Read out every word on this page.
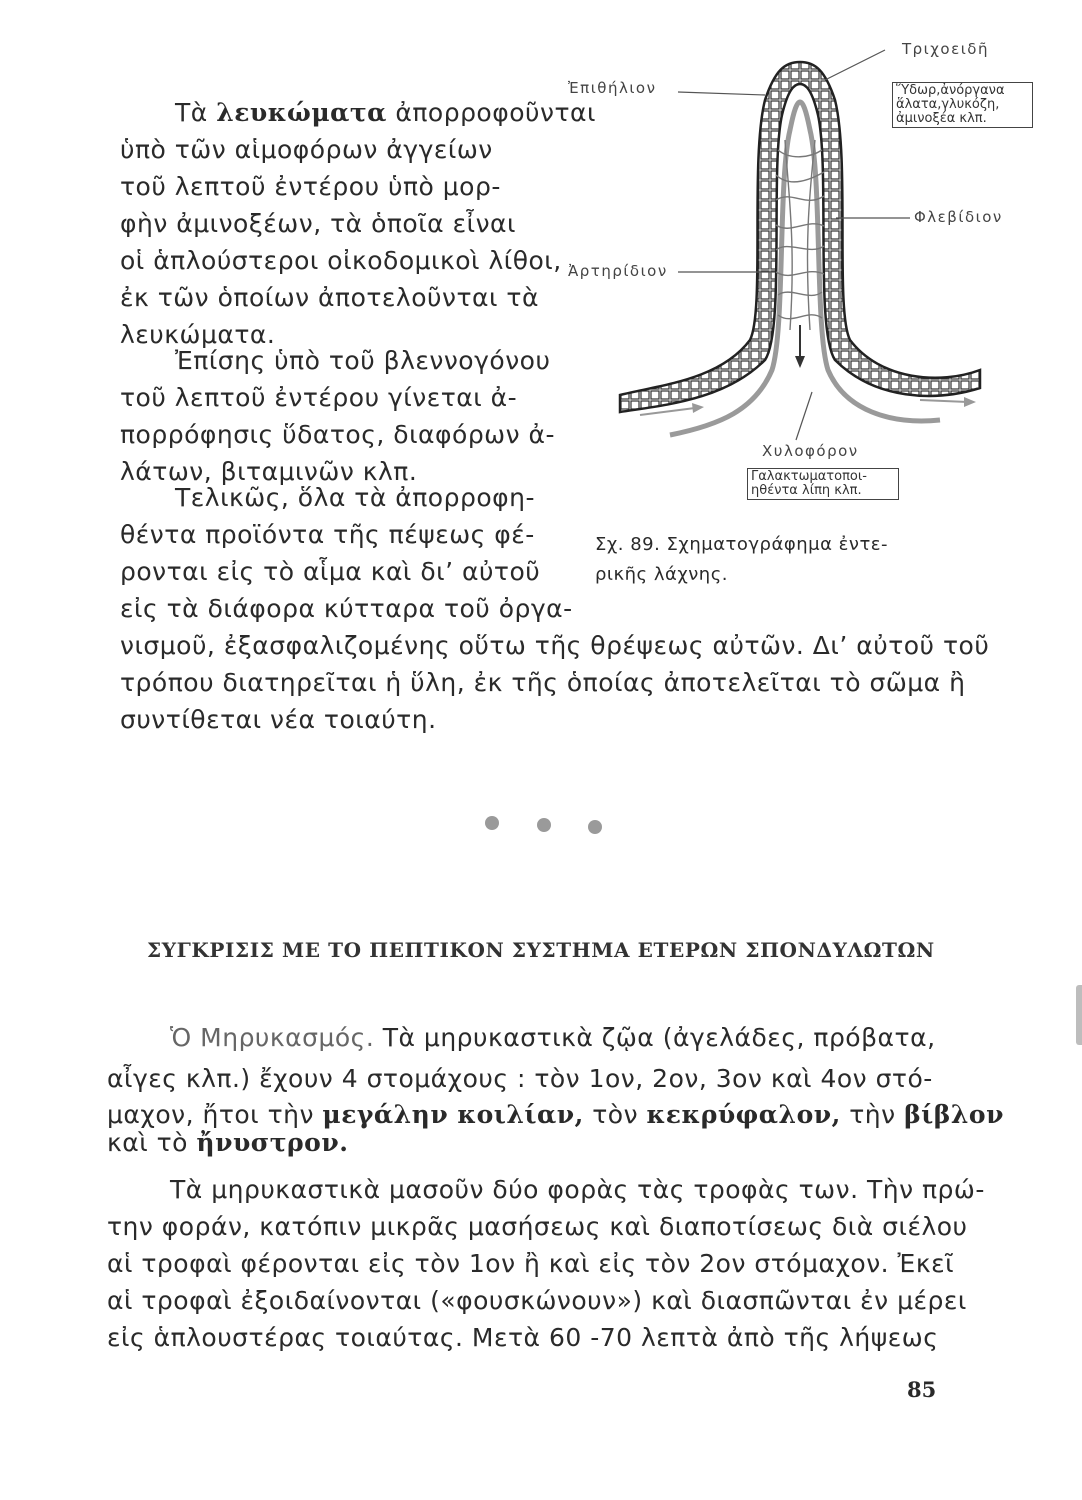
Τὰ λευκώματα ἀπορροφοῦνται
ὑπὸ τῶν αἱμοφόρων ἀγγείων
τοῦ λεπτοῦ ἐντέρου ὑπὸ μορ-
φὴν ἀμινοξέων, τὰ ὁποῖα εἶναι
οἱ ἁπλούστεροι οἰκοδομικοὶ λίθοι,
ἐκ τῶν ὁποίων ἀποτελοῦνται τὰ
λευκώματα.
Ἐπίσης ὑπὸ τοῦ βλεννογόνου
τοῦ λεπτοῦ ἐντέρου γίνεται ἀ-
πορρόφησις ὕδατος, διαφόρων ἀ-
λάτων, βιταμινῶν κλπ.
Τελικῶς, ὅλα τὰ ἀπορροφη-
θέντα προϊόντα τῆς πέψεως φέ-
ρονται εἰς τὸ αἷμα καὶ δι’ αὐτοῦ
εἰς τὰ διάφορα κύτταρα τοῦ ὀργα-
νισμοῦ, ἐξασφαλιζομένης οὕτω τῆς θρέψεως αὐτῶν. Δι’ αὐτοῦ τοῦ
τρόπου διατηρεῖται ἡ ὕλη, ἐκ τῆς ὁποίας ἀποτελεῖται τὸ σῶμα ἢ
συντίθεται νέα τοιαύτη.
Ἐπιθήλιον
Τριχοειδῆ
Ὕδωρ,ἀνόργανα
ἅλατα,γλυκόζη,
ἀμινοξέα κλπ.
Φλεβίδιον
Ἀρτηρίδιον
Χυλοφόρον
Γαλακτωματοποι-
ηθέντα λίπη κλπ.
Σχ. 89. Σχηματογράφημα ἐντε-
ρικῆς λάχνης.
ΣΥΓΚΡΙΣΙΣ ΜΕ ΤΟ ΠΕΠΤΙΚΟΝ ΣΥΣΤΗΜΑ ΕΤΕΡΩΝ ΣΠΟΝΔΥΛΩΤΩΝ
Ὁ Μηρυκασμός. Τὰ μηρυκαστικὰ ζῷα (ἀγελάδες, πρόβατα,
αἶγες κλπ.) ἔχουν 4 στομάχους : τὸν 1ον, 2ον, 3ον καὶ 4ον στό-
μαχον, ἤτοι τὴν μεγάλην κοιλίαν, τὸν κεκρύφαλον, τὴν βίβλον
καὶ τὸ ἤνυστρον.
Τὰ μηρυκαστικὰ μασοῦν δύο φορὰς τὰς τροφὰς των. Τὴν πρώ-
την φοράν, κατόπιν μικρᾶς μασήσεως καὶ διαποτίσεως διὰ σιέλου
αἱ τροφαὶ φέρονται εἰς τὸν 1ον ἢ καὶ εἰς τὸν 2ον στόμαχον. Ἐκεῖ
αἱ τροφαὶ ἐξοιδαίνονται («φουσκώνουν») καὶ διασπῶνται ἐν μέρει
εἰς ἁπλουστέρας τοιαύτας. Μετὰ 60 -70 λεπτὰ ἀπὸ τῆς λήψεως
85
